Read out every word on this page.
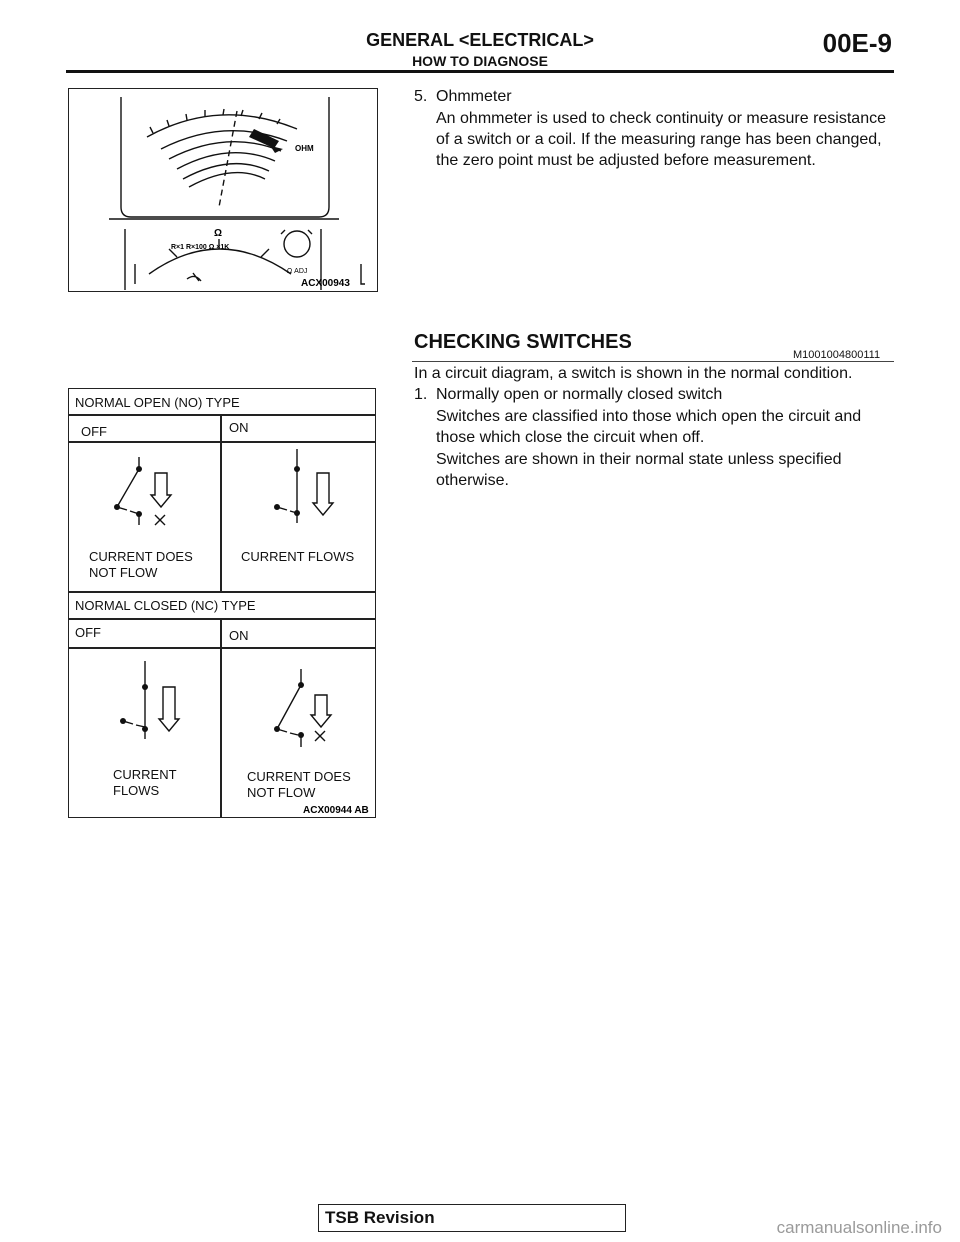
GENERAL <ELECTRICAL>
HOW TO DIAGNOSE
00E-9
OHM
Ω
R×1 R×100 Ω ×1K
Ω ADJ
ACX00943
5. Ohmmeter
An ohmmeter is used to check continuity or measure resistance of a switch or a coil. If the measuring range has been changed, the zero point must be adjusted before measurement.
CHECKING SWITCHES
M1001004800111
In a circuit diagram, a switch is shown in the normal condition.
1. Normally open or normally closed switch
Switches are classified into those which open the circuit and those which close the circuit when off.
Switches are shown in their normal state unless specified otherwise.
NORMAL OPEN (NO) TYPE
OFF	ON
CURRENT DOES
NOT FLOW
CURRENT FLOWS
NORMAL CLOSED (NC) TYPE
OFF	ON
CURRENT
FLOWS
CURRENT DOES
NOT FLOW
ACX00944 AB
TSB Revision
carmanualsonline.info
